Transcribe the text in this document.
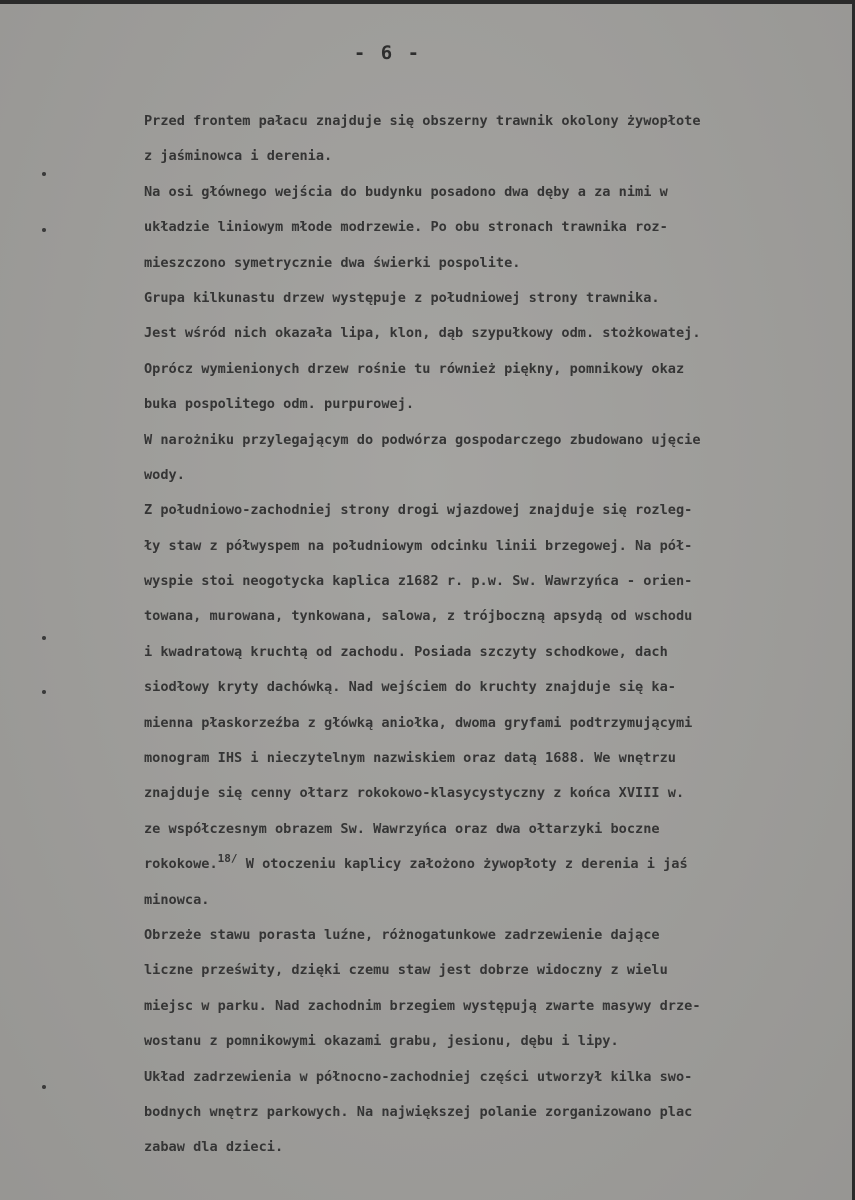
- 6 -
Przed frontem pałacu znajduje się obszerny trawnik okolony żywopłote
z jaśminowca i derenia.
Na osi głównego wejścia do budynku posadono dwa dęby a za nimi w
układzie liniowym młode modrzewie. Po obu stronach trawnika roz-
mieszczono symetrycznie dwa świerki pospolite.
Grupa kilkunastu drzew występuje z południowej strony trawnika.
Jest wśród nich okazała lipa, klon, dąb szypułkowy odm. stożkowatej.
Oprócz wymienionych drzew rośnie tu również piękny, pomnikowy okaz
buka pospolitego odm. purpurowej.
W narożniku przylegającym do podwórza gospodarczego zbudowano ujęcie
wody.
Z południowo-zachodniej strony drogi wjazdowej znajduje się rozleg-
ły staw z półwyspem na południowym odcinku linii brzegowej. Na pół-
wyspie stoi neogotycka kaplica z1682 r. p.w. Sw. Wawrzyńca - orien-
towana, murowana, tynkowana, salowa, z trójboczną apsydą od wschodu
i kwadratową kruchtą od zachodu. Posiada szczyty schodkowe, dach
siodłowy kryty dachówką. Nad wejściem do kruchty znajduje się ka-
mienna płaskorzeźba z główką aniołka, dwoma gryfami podtrzymującymi
monogram IHS i nieczytelnym nazwiskiem oraz datą 1688. We wnętrzu
znajduje się cenny ołtarz rokokowo-klasycystyczny z końca XVIII w.
ze współczesnym obrazem Sw. Wawrzyńca oraz dwa ołtarzyki boczne
rokokowe.$^{18/}$ W otoczeniu kaplicy założono żywopłoty z derenia i jaś
minowca.
Obrzeże stawu porasta luźne, różnogatunkowe zadrzewienie dające
liczne prześwity, dzięki czemu staw jest dobrze widoczny z wielu
miejsc w parku. Nad zachodnim brzegiem występują zwarte masywy drze-
wostanu z pomnikowymi okazami grabu, jesionu, dębu i lipy.
Układ zadrzewienia w północno-zachodniej części utworzył kilka swo-
bodnych wnętrz parkowych. Na największej polanie zorganizowano plac
zabaw dla dzieci.
